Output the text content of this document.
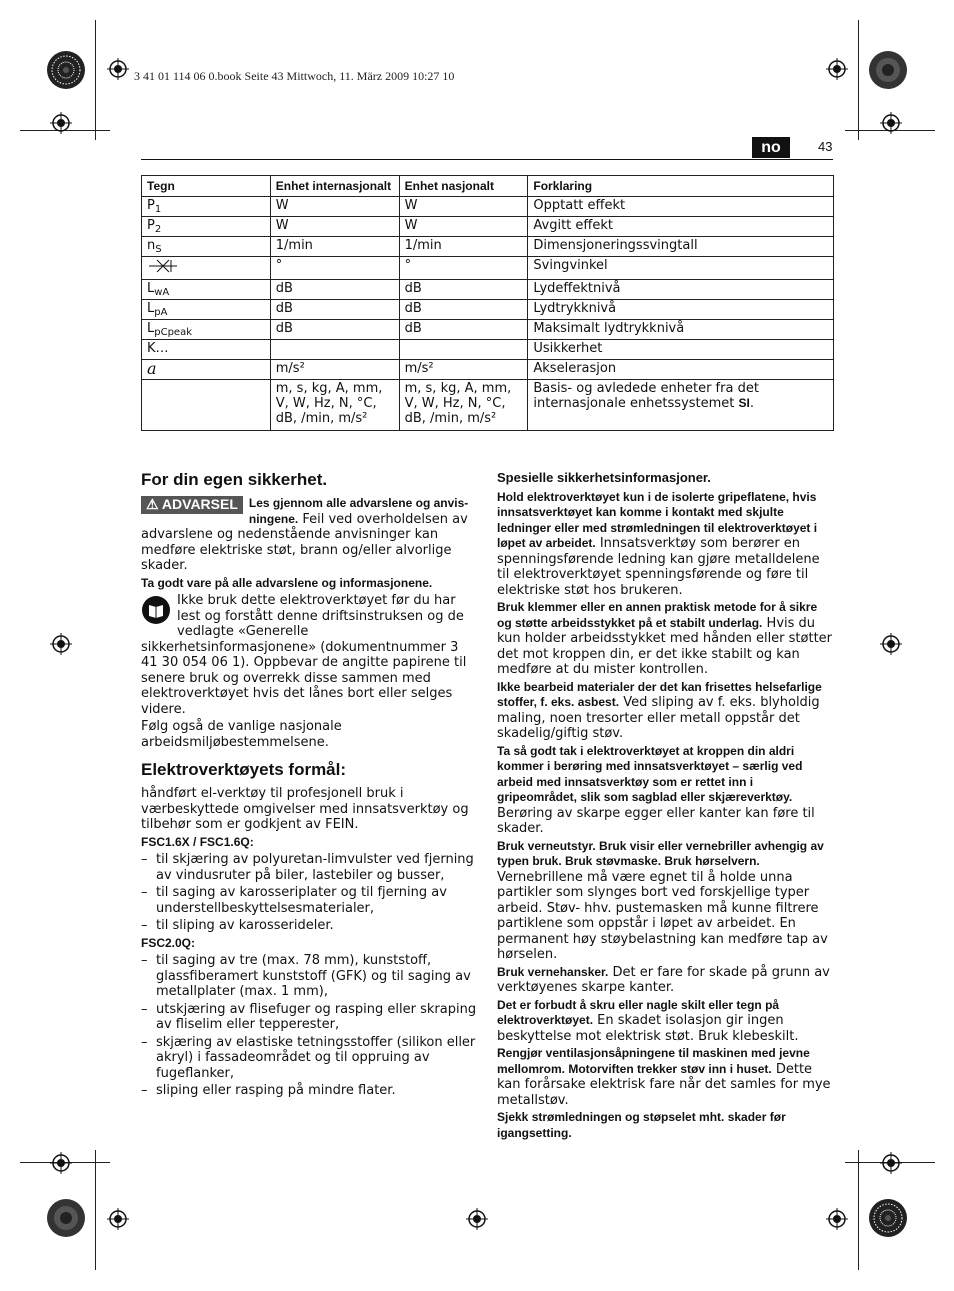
3 41 01 114 06 0.book Seite 43 Mittwoch, 11. März 2009 10:27 10
no	43
Tegn	Enhet internasjonalt	Enhet nasjonalt	Forklaring
$P_1$	W	W	Opptatt effekt
$P_2$	W	W	Avgitt effekt
$n_S$	1/min	1/min	Dimensjoneringssvingtall
	°	°	Svingvinkel
$L_{wA}$	dB	dB	Lydeffektnivå
$L_{pA}$	dB	dB	Lydtrykknivå
$L_{pCpeak}$	dB	dB	Maksimalt lydtrykknivå
K…			Usikkerhet
a	m/s²	m/s²	Akselerasjon
	m, s, kg, A, mm, V, W, Hz, N, °C, dB, /min, m/s²	m, s, kg, A, mm, V, W, Hz, N, °C, dB, /min, m/s²	Basis- og avledede enheter fra det internasjonale enhetssystemet SI.
For din egen sikkerhet.

⚠ ADVARSEL Les gjennom alle advarslene og anvis-ningene. Feil ved overholdelsen av advarslene og nedenstående anvisninger kan medføre elektriske støt, brann og/eller alvorlige skader.

Ta godt vare på alle advarslene og informasjonene.

Ikke bruk dette elektroverktøyet før du har lest og forstått denne driftsinstruksen og de vedlagte «Generelle sikkerhetsinformasjonene» (dokumentnummer 3 41 30 054 06 1). Oppbevar de angitte papirene til senere bruk og overrekk disse sammen med elektroverktøyet hvis det lånes bort eller selges videre.

Følg også de vanlige nasjonale arbeidsmiljøbestemmelsene.

Elektroverktøyets formål:

håndført el-verktøy til profesjonell bruk i værbeskyttede omgivelser med innsatsverktøy og tilbehør som er godkjent av FEIN.

FSC1.6X / FSC1.6Q:

– til skjæring av polyuretan-limvulster ved fjerning av vindusruter på biler, lastebiler og busser,
– til saging av karosseriplater og til fjerning av understellbeskyttelsesmaterialer,
– til sliping av karosserideler.

FSC2.0Q:

– til saging av tre (max. 78 mm), kunststoff, glassfiberamert kunststoff (GFK) og til saging av metallplater (max. 1 mm),
– utskjæring av flisefuger og rasping eller skraping av fliselim eller tepperester,
– skjæring av elastiske tetningsstoffer (silikon eller akryl) i fassadeområdet og til oppruing av fugeflanker,
– sliping eller rasping på mindre flater.

Spesielle sikkerhetsinformasjoner.

Hold elektroverktøyet kun i de isolerte gripeflatene, hvis innsatsverktøyet kan komme i kontakt med skjulte ledninger eller med strømledningen til elektroverktøyet i løpet av arbeidet. Innsatsverktøy som berører en spenningsførende ledning kan gjøre metalldelene til elektroverktøyet spenningsførende og føre til elektriske støt hos brukeren.

Bruk klemmer eller en annen praktisk metode for å sikre og støtte arbeidsstykket på et stabilt underlag. Hvis du kun holder arbeidsstykket med hånden eller støtter det mot kroppen din, er det ikke stabilt og kan medføre at du mister kontrollen.

Ikke bearbeid materialer der det kan frisettes helsefarlige stoffer, f. eks. asbest. Ved sliping av f. eks. blyholdig maling, noen tresorter eller metall oppstår det skadelig/giftig støv.

Ta så godt tak i elektroverktøyet at kroppen din aldri kommer i berøring med innsatsverktøyet – særlig ved arbeid med innsatsverktøy som er rettet inn i gripeområdet, slik som sagblad eller skjæreverktøy. Berøring av skarpe egger eller kanter kan føre til skader.

Bruk verneutstyr. Bruk visir eller vernebriller avhengig av typen bruk. Bruk støvmaske. Bruk hørselvern. Vernebrillene må være egnet til å holde unna partikler som slynges bort ved forskjellige typer arbeid. Støv- hhv. pustemasken må kunne filtrere partiklene som oppstår i løpet av arbeidet. En permanent høy støybelastning kan medføre tap av hørselen.

Bruk vernehansker. Det er fare for skade på grunn av verktøyenes skarpe kanter.

Det er forbudt å skru eller nagle skilt eller tegn på elektroverktøyet. En skadet isolasjon gir ingen beskyttelse mot elektrisk støt. Bruk klebeskilt.

Rengjør ventilasjonsåpningene til maskinen med jevne mellomrom. Motorviften trekker støv inn i huset. Dette kan forårsake elektrisk fare når det samles for mye metallstøv.

Sjekk strømledningen og støpselet mht. skader før igangsetting.
